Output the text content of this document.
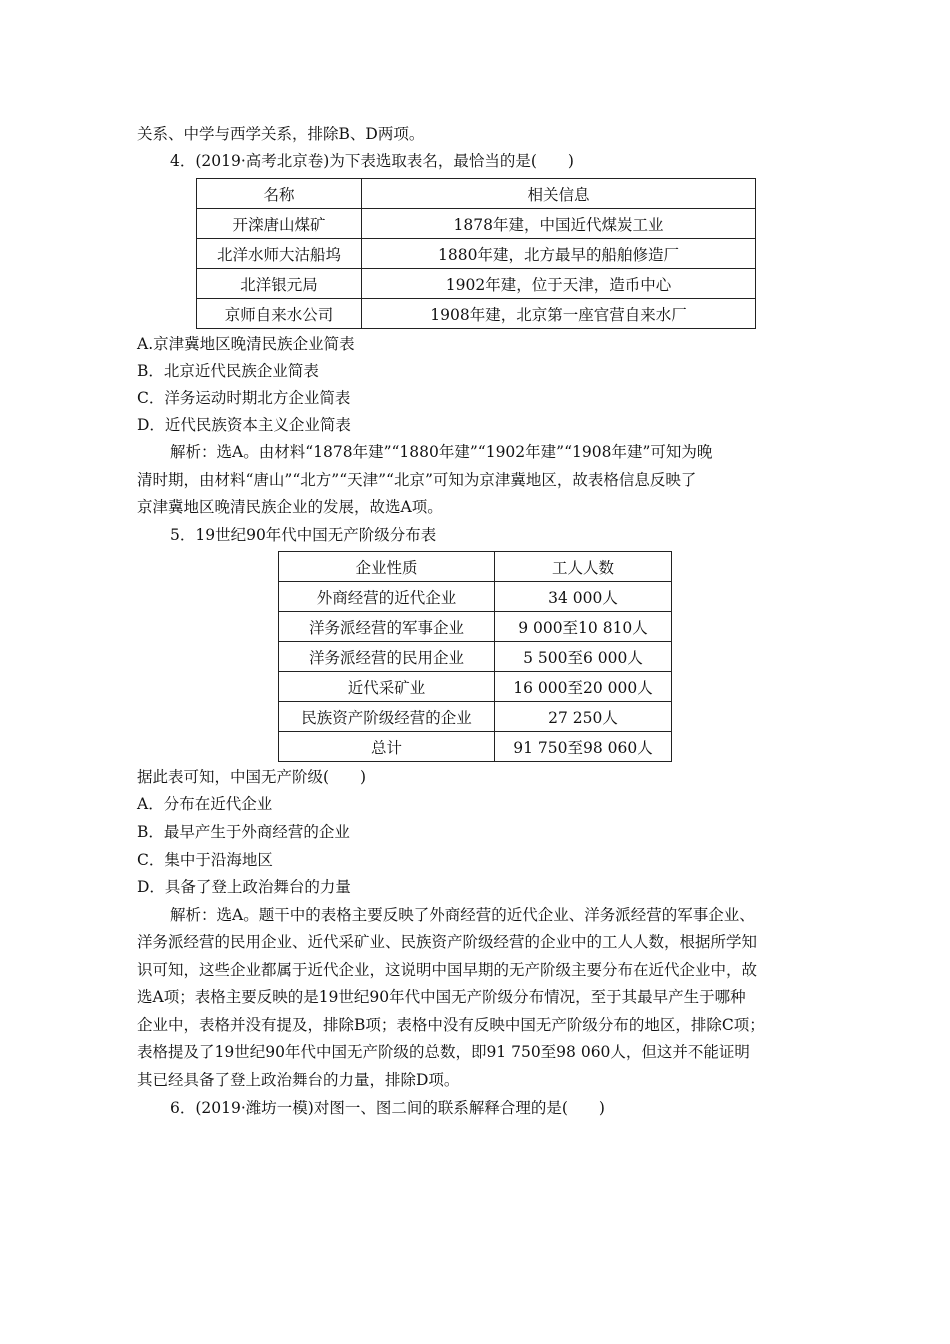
关系、中学与西学关系，排除B、D两项。
4．(2019·高考北京卷)为下表选取表名，最恰当的是(　　)
名称	相关信息
开滦唐山煤矿	1878年建，中国近代煤炭工业
北洋水师大沽船坞	1880年建，北方最早的船舶修造厂
北洋银元局	1902年建，位于天津，造币中心
京师自来水公司	1908年建，北京第一座官营自来水厂
A.京津冀地区晚清民族企业简表
B．北京近代民族企业简表
C．洋务运动时期北方企业简表
D．近代民族资本主义企业简表
解析：选A。由材料“1878年建”“1880年建”“1902年建”“1908年建”可知为晚
清时期，由材料“唐山”“北方”“天津”“北京”可知为京津冀地区，故表格信息反映了
京津冀地区晚清民族企业的发展，故选A项。
5．19世纪90年代中国无产阶级分布表
企业性质	工人人数
外商经营的近代企业	34 000人
洋务派经营的军事企业	9 000至10 810人
洋务派经营的民用企业	5 500至6 000人
近代采矿业	16 000至20 000人
民族资产阶级经营的企业	27 250人
总计	91 750至98 060人
据此表可知，中国无产阶级(　　)
A．分布在近代企业
B．最早产生于外商经营的企业
C．集中于沿海地区
D．具备了登上政治舞台的力量
解析：选A。题干中的表格主要反映了外商经营的近代企业、洋务派经营的军事企业、
洋务派经营的民用企业、近代采矿业、民族资产阶级经营的企业中的工人人数，根据所学知
识可知，这些企业都属于近代企业，这说明中国早期的无产阶级主要分布在近代企业中，故
选A项；表格主要反映的是19世纪90年代中国无产阶级分布情况，至于其最早产生于哪种
企业中，表格并没有提及，排除B项；表格中没有反映中国无产阶级分布的地区，排除C项；
表格提及了19世纪90年代中国无产阶级的总数，即91 750至98 060人，但这并不能证明
其已经具备了登上政治舞台的力量，排除D项。
6．(2019·潍坊一模)对图一、图二间的联系解释合理的是(　　)
